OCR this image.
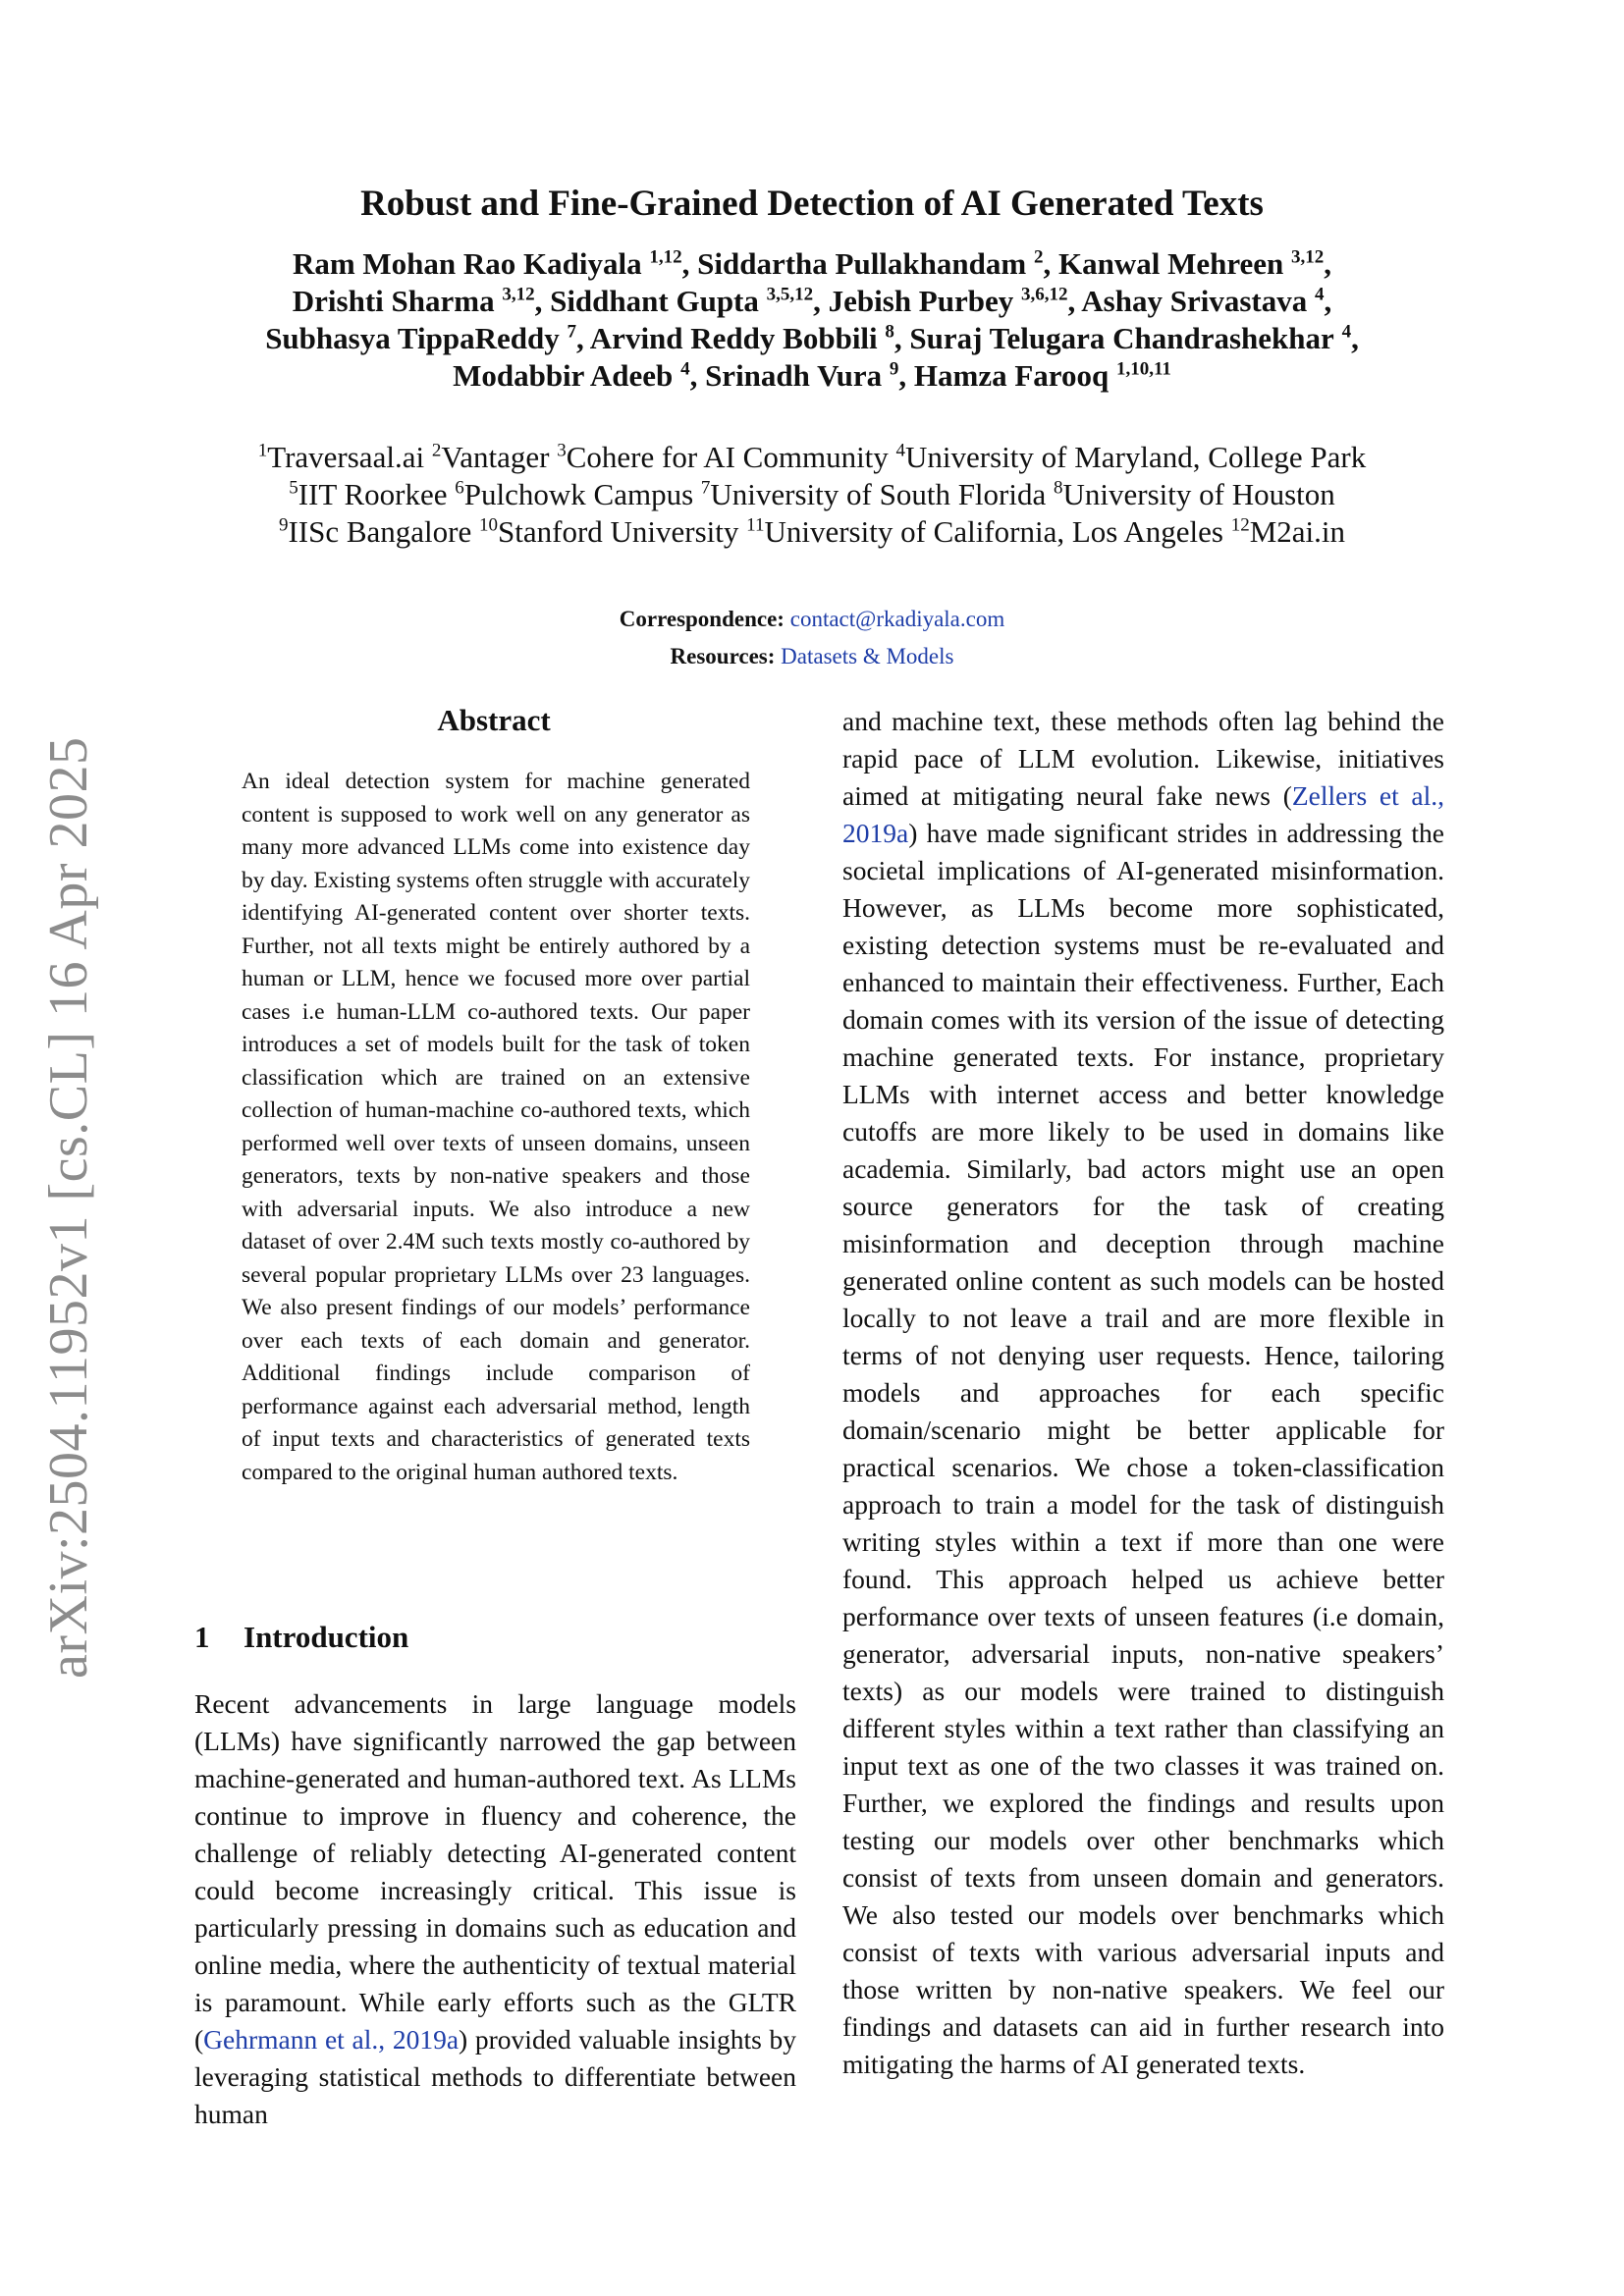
arXiv:2504.11952v1 [cs.CL] 16 Apr 2025
Robust and Fine-Grained Detection of AI Generated Texts
Ram Mohan Rao Kadiyala $^{1,12}$, Siddartha Pullakhandam $^2$, Kanwal Mehreen $^{3,12}$,
Drishti Sharma $^{3,12}$, Siddhant Gupta $^{3,5,12}$, Jebish Purbey $^{3,6,12}$, Ashay Srivastava $^4$,
Subhasya TippaReddy $^7$, Arvind Reddy Bobbili $^8$, Suraj Telugara Chandrashekhar $^4$,
Modabbir Adeeb $^4$, Srinadh Vura $^9$, Hamza Farooq $^{1,10,11}$
$^1$Traversaal.ai $^2$Vantager $^3$Cohere for AI Community $^4$University of Maryland, College Park
$^5$IIT Roorkee $^6$Pulchowk Campus $^7$University of South Florida $^8$University of Houston
$^9$IISc Bangalore $^{10}$Stanford University $^{11}$University of California, Los Angeles $^{12}$M2ai.in
Correspondence: contact@rkadiyala.com
Resources: Datasets & Models
Abstract
An ideal detection system for machine generated content is supposed to work well on any generator as many more advanced LLMs come into existence day by day. Existing systems often struggle with accurately identifying AI-generated content over shorter texts. Further, not all texts might be entirely authored by a human or LLM, hence we focused more over partial cases i.e human-LLM co-authored texts. Our paper introduces a set of models built for the task of token classification which are trained on an extensive collection of human-machine co-authored texts, which performed well over texts of unseen domains, unseen generators, texts by non-native speakers and those with adversarial inputs. We also introduce a new dataset of over 2.4M such texts mostly co-authored by several popular proprietary LLMs over 23 languages. We also present findings of our models’ performance over each texts of each domain and generator. Additional findings include comparison of performance against each adversarial method, length of input texts and characteristics of generated texts compared to the original human authored texts.
1 Introduction
Recent advancements in large language models (LLMs) have significantly narrowed the gap between machine-generated and human-authored text. As LLMs continue to improve in fluency and coherence, the challenge of reliably detecting AI-generated content could become increasingly critical. This issue is particularly pressing in domains such as education and online media, where the authenticity of textual material is paramount. While early efforts such as the GLTR (Gehrmann et al., 2019a) provided valuable insights by leveraging statistical methods to differentiate between human
and machine text, these methods often lag behind the rapid pace of LLM evolution. Likewise, initiatives aimed at mitigating neural fake news (Zellers et al., 2019a) have made significant strides in addressing the societal implications of AI-generated misinformation. However, as LLMs become more sophisticated, existing detection systems must be re-evaluated and enhanced to maintain their effectiveness. Further, Each domain comes with its version of the issue of detecting machine generated texts. For instance, proprietary LLMs with internet access and better knowledge cutoffs are more likely to be used in domains like academia. Similarly, bad actors might use an open source generators for the task of creating misinformation and deception through machine generated online content as such models can be hosted locally to not leave a trail and are more flexible in terms of not denying user requests. Hence, tailoring models and approaches for each specific domain/scenario might be better applicable for practical scenarios. We chose a token-classification approach to train a model for the task of distinguish writing styles within a text if more than one were found. This approach helped us achieve better performance over texts of unseen features (i.e domain, generator, adversarial inputs, non-native speakers’ texts) as our models were trained to distinguish different styles within a text rather than classifying an input text as one of the two classes it was trained on. Further, we explored the findings and results upon testing our models over other benchmarks which consist of texts from unseen domain and generators. We also tested our models over benchmarks which consist of texts with various adversarial inputs and those written by non-native speakers. We feel our findings and datasets can aid in further research into mitigating the harms of AI generated texts.
